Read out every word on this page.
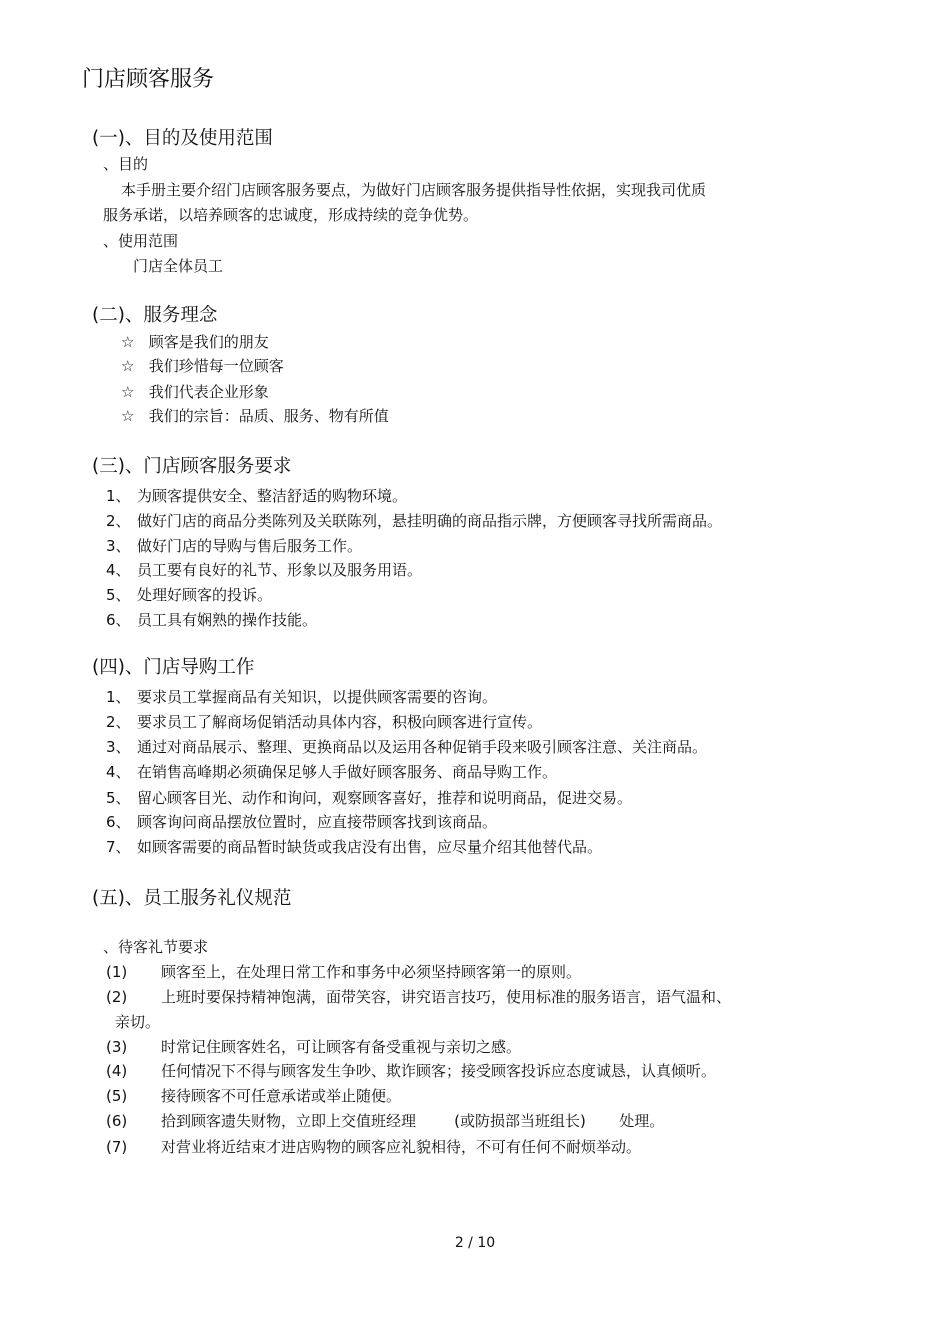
门店顾客服务
(一)、目的及使用范围
、目的
本手册主要介绍门店顾客服务要点，为做好门店顾客服务提供指导性依据，实现我司优质
服务承诺，以培养顾客的忠诚度，形成持续的竞争优势。
、使用范围
门店全体员工
(二)、服务理念
☆ 顾客是我们的朋友
☆ 我们珍惜每一位顾客
☆ 我们代表企业形象
☆ 我们的宗旨：品质、服务、物有所值
(三)、门店顾客服务要求
1、 为顾客提供安全、整洁舒适的购物环境。
2、 做好门店的商品分类陈列及关联陈列，悬挂明确的商品指示牌，方便顾客寻找所需商品。
3、 做好门店的导购与售后服务工作。
4、 员工要有良好的礼节、形象以及服务用语。
5、 处理好顾客的投诉。
6、 员工具有娴熟的操作技能。
(四)、门店导购工作
1、 要求员工掌握商品有关知识，以提供顾客需要的咨询。
2、 要求员工了解商场促销活动具体内容，积极向顾客进行宣传。
3、 通过对商品展示、整理、更换商品以及运用各种促销手段来吸引顾客注意、关注商品。
4、 在销售高峰期必须确保足够人手做好顾客服务、商品导购工作。
5、 留心顾客目光、动作和询问，观察顾客喜好，推荐和说明商品，促进交易。
6、 顾客询问商品摆放位置时，应直接带顾客找到该商品。
7、 如顾客需要的商品暂时缺货或我店没有出售，应尽量介绍其他替代品。
(五)、员工服务礼仪规范
、待客礼节要求
(1) 顾客至上，在处理日常工作和事务中必须坚持顾客第一的原则。
(2) 上班时要保持精神饱满，面带笑容，讲究语言技巧，使用标准的服务语言，语气温和、
亲切。
(3) 时常记住顾客姓名，可让顾客有备受重视与亲切之感。
(4) 任何情况下不得与顾客发生争吵、欺诈顾客；接受顾客投诉应态度诚恳，认真倾听。
(5) 接待顾客不可任意承诺或举止随便。
(6) 拾到顾客遗失财物，立即上交值班经理        (或防损部当班组长)       处理。
(7) 对营业将近结束才进店购物的顾客应礼貌相待，不可有任何不耐烦举动。
2 / 10
